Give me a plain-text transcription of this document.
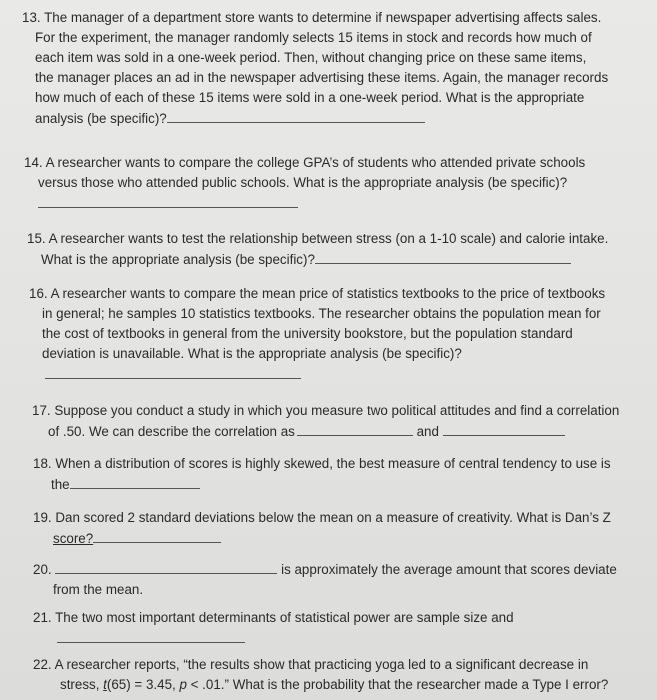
13. The manager of a department store wants to determine if newspaper advertising affects sales.
For the experiment, the manager randomly selects 15 items in stock and records how much of
each item was sold in a one-week period. Then, without changing price on these same items,
the manager places an ad in the newspaper advertising these items. Again, the manager records
how much of each of these 15 items were sold in a one-week period. What is the appropriate
analysis (be specific)?
14. A researcher wants to compare the college GPA’s of students who attended private schools
versus those who attended public schools. What is the appropriate analysis (be specific)?
15. A researcher wants to test the relationship between stress (on a 1-10 scale) and calorie intake.
What is the appropriate analysis (be specific)?
16. A researcher wants to compare the mean price of statistics textbooks to the price of textbooks
in general; he samples 10 statistics textbooks. The researcher obtains the population mean for
the cost of textbooks in general from the university bookstore, but the population standard
deviation is unavailable. What is the appropriate analysis (be specific)?
17. Suppose you conduct a study in which you measure two political attitudes and find a correlation
of .50. We can describe the correlation as	and
18. When a distribution of scores is highly skewed, the best measure of central tendency to use is
the
19. Dan scored 2 standard deviations below the mean on a measure of creativity. What is Dan’s Z
score?
20.	is approximately the average amount that scores deviate
from the mean.
21. The two most important determinants of statistical power are sample size and
22. A researcher reports, “the results show that practicing yoga led to a significant decrease in
stress, t(65) = 3.45, p < .01.” What is the probability that the researcher made a Type I error?
